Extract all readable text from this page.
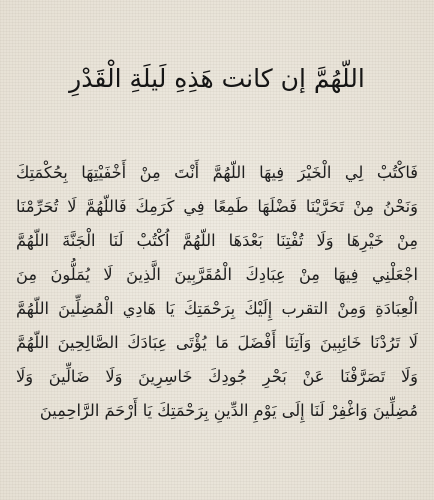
اللّهُمَّ إن كانت هَذِهِ لَيلَةِ الْقَدْرِ
فَاكْتُبْ لِي الْخَيْرَ فِيهَا اللّهُمَّ أَنْتَ مِنْ أَخْفَيْتِهَا بِحُكْمَتِكَ
وَنَحْنُ مِنْ تَحَرَّيْنَا فَضْلَهَا طَمِعًا فِي كَرَمِكَ فَاللّهُمَّ لَا تُحَرِّمْنَا
مِنْ خَيْرِهَا وَلَا تُفْتِنَا بَعْدَهَا اللّهُمَّ اُكْتُبْ لَنَا الْجَنَّةَ اللّهُمَّ
اجْعَلْنِي فِيهَا مِنْ عِبَادِكَ الْمُقَرَّبِينَ الَّذِينَ لَا يُمَلُّونَ مِنَ
الْعِبَادَةِ وَمِنْ التقرب إِلَيْكَ بِرَحْمَتِكَ يَا هَادِي الْمُضِلِّينَ اللّهُمَّ
لَا تَرُدْنَا خَائِبِينَ وَآتِنَا أَفْضَلَ مَا يُؤْتَى عِبَادَكَ الصَّالِحِينَ اللّهُمَّ
وَلَا تَصَرَّفْنَا عَنْ بَحْرِ جُودِكَ خَاسِرِينَ وَلَا ضَالِّينَ وَلَا
مُضِلِّينَ وَاغْفِرْ لَنَا إِلَى يَوْمِ الدِّينِ بِرَحْمَتِكَ يَا أَرْحَمَ الرَّاحِمِينَ
